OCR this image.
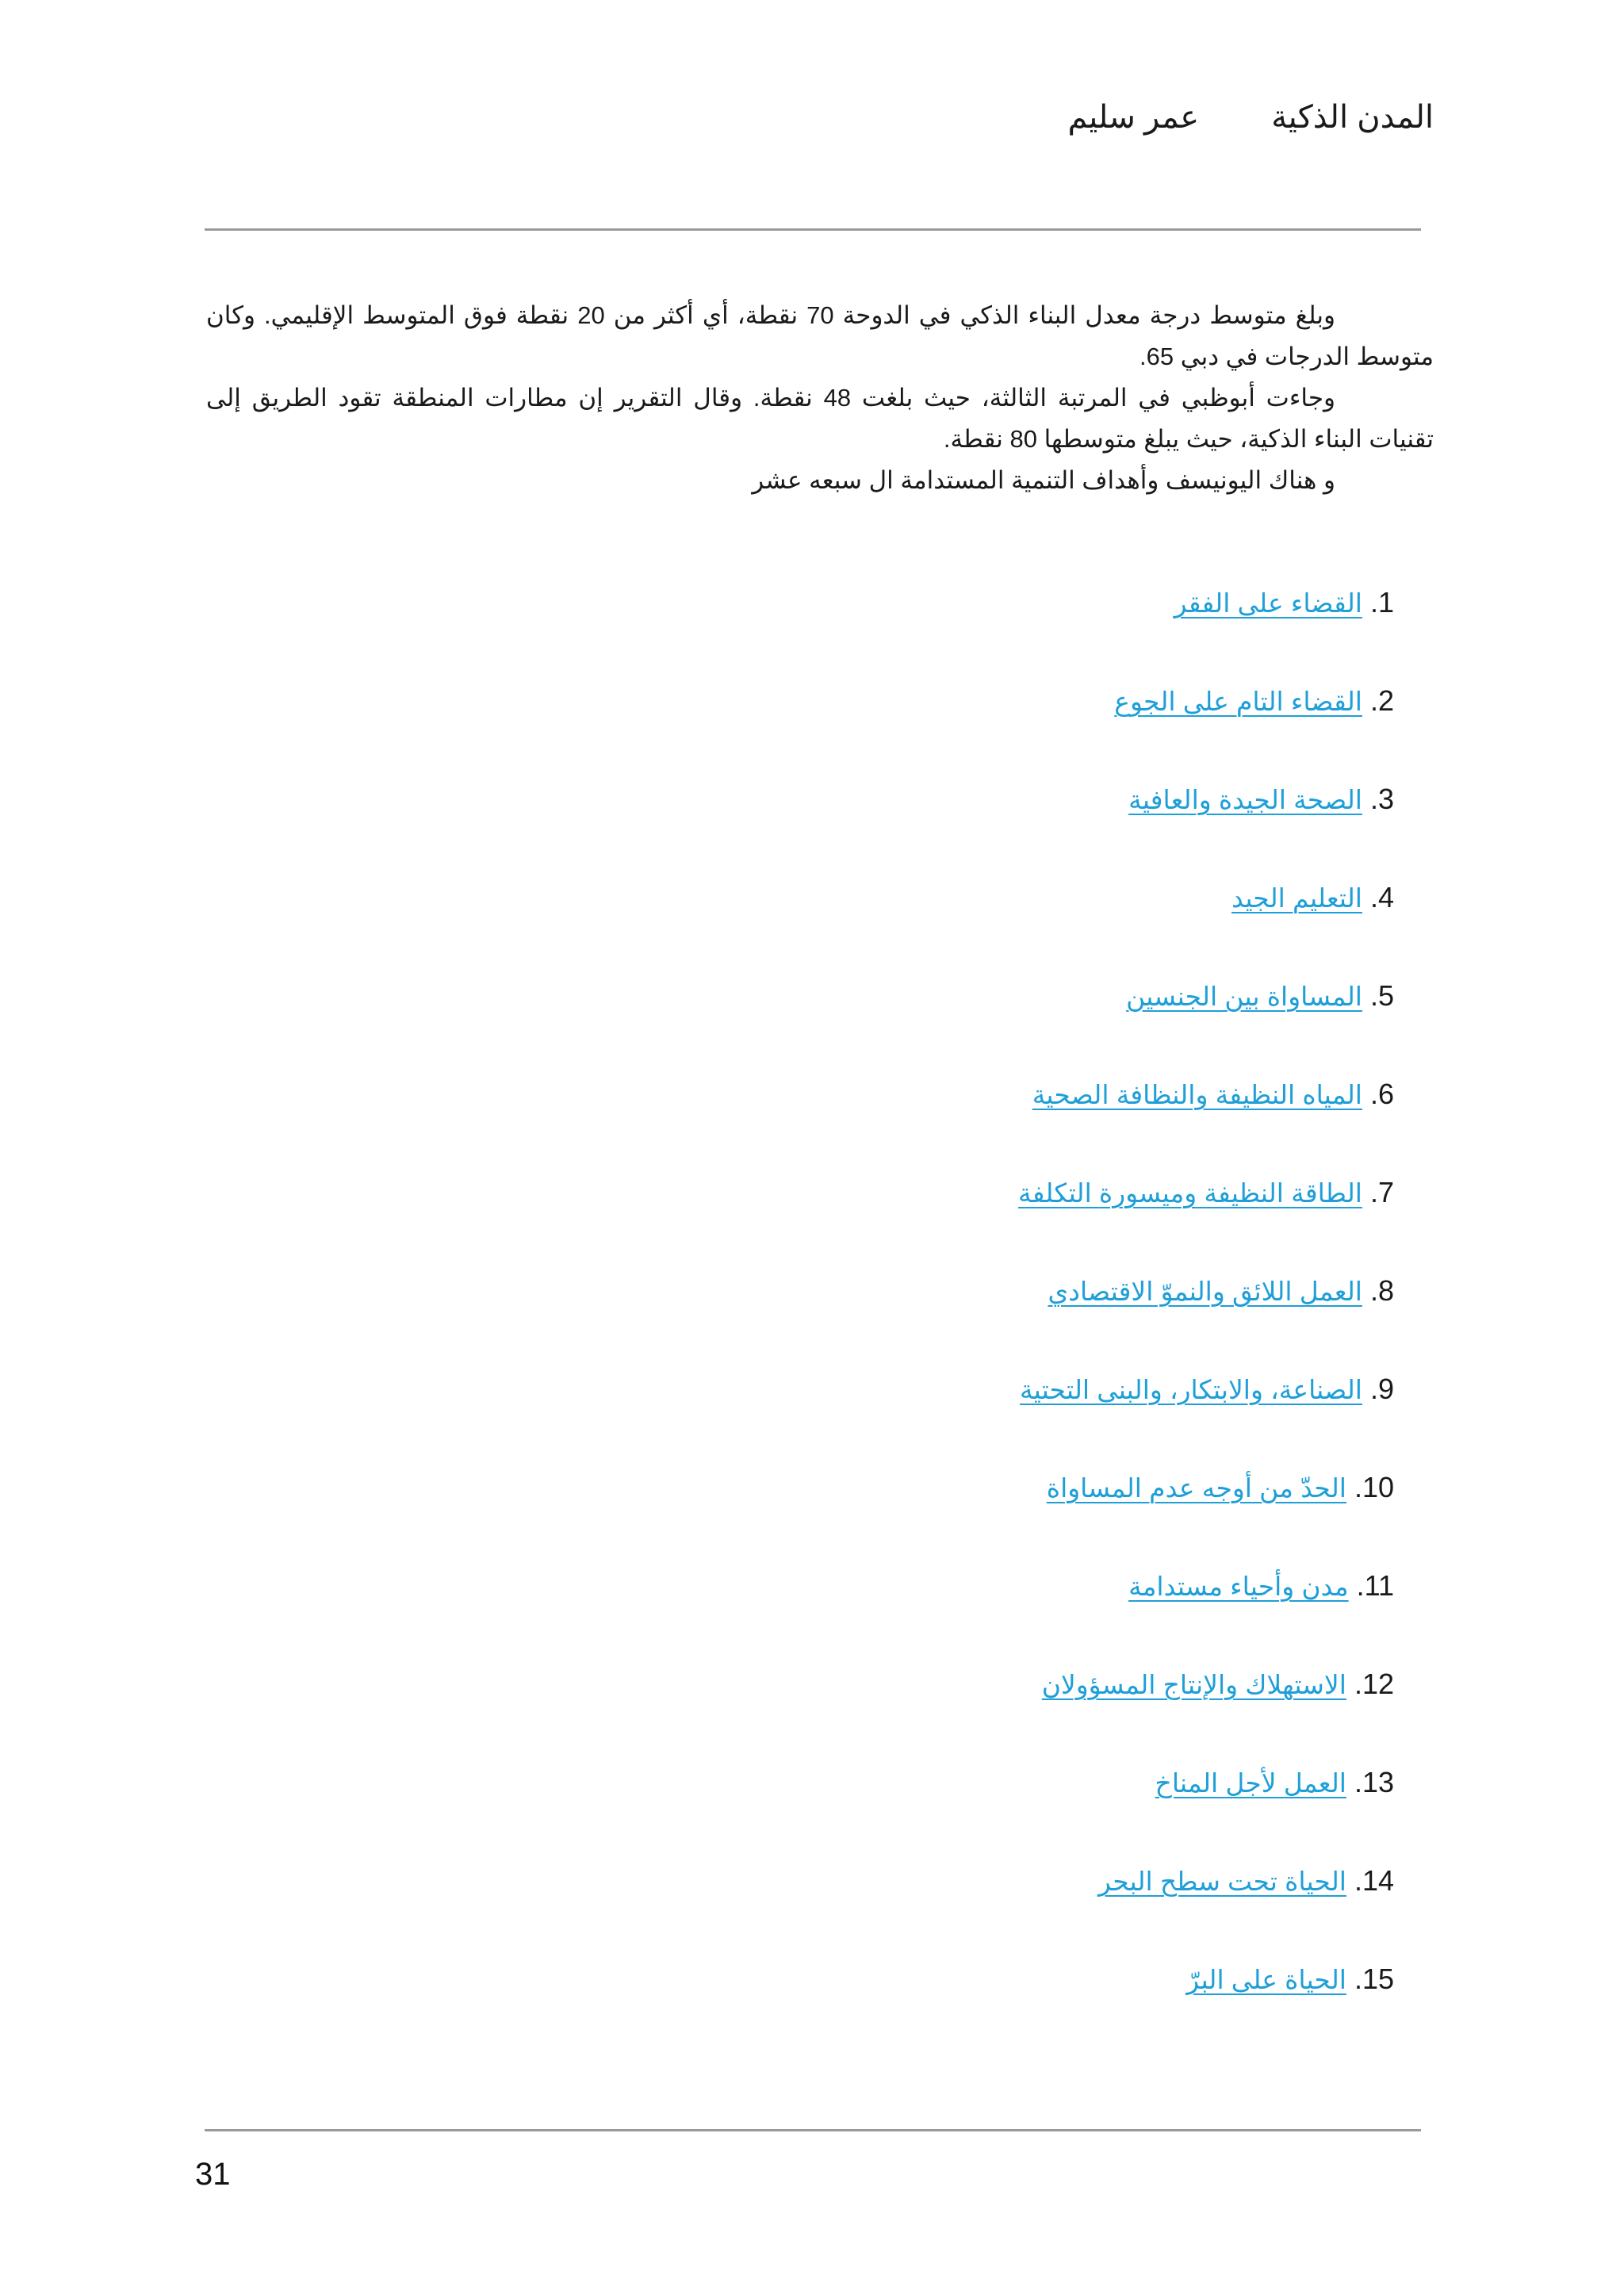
المدن الذكية عمر سليم

وبلغ متوسط درجة معدل البناء الذكي في الدوحة 70 نقطة، أي أكثر من 20 نقطة فوق المتوسط الإقليمي. وكان متوسط الدرجات في دبي 65.

وجاءت أبوظبي في المرتبة الثالثة، حيث بلغت 48 نقطة. وقال التقرير إن مطارات المنطقة تقود الطريق إلى تقنيات البناء الذكية، حيث يبلغ متوسطها 80 نقطة.

و هناك اليونيسف وأهداف التنمية المستدامة ال سبعه عشر

1.القضاء على الفقر
2.القضاء التام على الجوع
3.الصحة الجيدة والعافية
4.التعليم الجيد
5.المساواة بين الجنسين
6.المياه النظيفة والنظافة الصحية
7.الطاقة النظيفة وميسورة التكلفة
8.العمل اللائق والنموّ الاقتصادي
9.الصناعة، والابتكار، والبنى التحتية
10.الحدّ من أوجه عدم المساواة
11.مدن وأحياء مستدامة
12.الاستهلاك والإنتاج المسؤولان
13.العمل لأجل المناخ
14.الحياة تحت سطح البحر
15.الحياة على البرّ
31
